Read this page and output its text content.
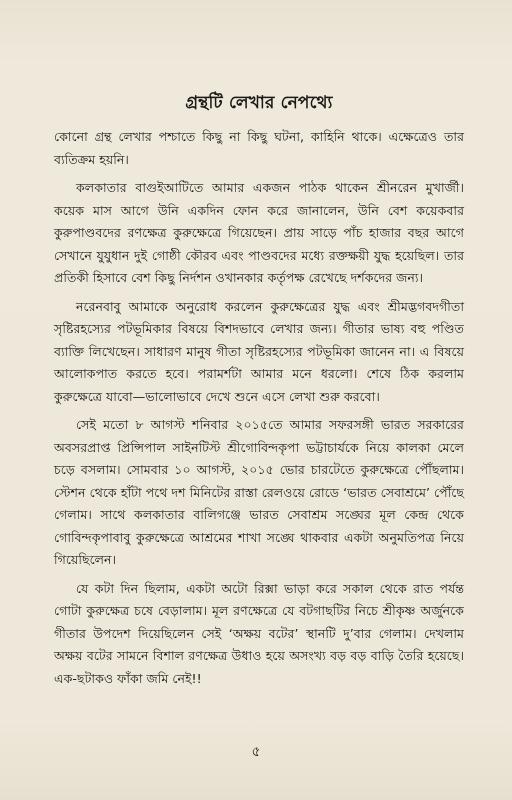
গ্রন্থটি লেখার নেপথ্যে

কোনো গ্রন্থ লেখার পশ্চাতে কিছু না কিছু ঘটনা, কাহিনি থাকে। এক্ষেত্রেও তার ব্যতিক্রম হয়নি।

কলকাতার বাগুইআটিতে আমার একজন পাঠক থাকেন শ্রীনরেন মুখার্জী। কয়েক মাস আগে উনি একদিন ফোন করে জানালেন, উনি বেশ কয়েকবার কুরুপাণ্ডবদের রণক্ষেত্র কুরুক্ষেত্রে গিয়েছেন। প্রায় সাড়ে পাঁচ হাজার বছর আগে সেখানে যুযুধান দুই গোষ্ঠী কৌরব এবং পাণ্ডবদের মধ্যে রক্তক্ষয়ী যুদ্ধ হয়েছিল। তার প্রতিকী হিসাবে বেশ কিছু নির্দশন ওখানকার কর্তৃপক্ষ রেখেছে দর্শকদের জন্য।

নরেনবাবু আমাকে অনুরোধ করলেন কুরুক্ষেত্রের যুদ্ধ এবং শ্রীমদ্ভগবদগীতা সৃষ্টিরহস্যের পটভূমিকার বিষয়ে বিশদভাবে লেখার জন্য। গীতার ভাষ্য বহু পণ্ডিত ব্যাক্তি লিখেছেন। সাধারণ মানুষ গীতা সৃষ্টিরহস্যের পটভূমিকা জানেন না। এ বিষয়ে আলোকপাত করতে হবে। পরামর্শটা আমার মনে ধরলো। শেষে ঠিক করলাম কুরুক্ষেত্রে যাবো—ভালোভাবে দেখে শুনে এসে লেখা শুরু করবো।

সেই মতো ৮ আগস্ট শনিবার ২০১৫তে আমার সফরসঙ্গী ভারত সরকারের অবসরপ্রাপ্ত প্রিন্সিপাল সাইনটিস্ট শ্রীগোবিন্দকৃপা ভট্টাচার্যকে নিয়ে কালকা মেলে চড়ে বসলাম। সোমবার ১০ আগস্ট, ২০১৫ ভোর চারটেতে কুরুক্ষেত্রে পৌঁছলাম। স্টেশন থেকে হাঁটা পথে দশ মিনিটের রাস্তা রেলওয়ে রোডে ‘ভারত সেবাশ্রমে’ পৌঁছে গেলাম। সাথে কলকাতার বালিগঞ্জে ভারত সেবাশ্রম সঙ্ঘের মূল কেন্দ্র থেকে গোবিন্দকৃপাবাবু কুরুক্ষেত্রে আশ্রমের শাখা সঙ্ঘে থাকবার একটা অনুমতিপত্র নিয়ে গিয়েছিলেন।

যে কটা দিন ছিলাম, একটা অটো রিক্সা ভাড়া করে সকাল থেকে রাত পর্যন্ত গোটা কুরুক্ষেত্র চষে বেড়ালাম। মূল রণক্ষেত্রে যে বটগাছটির নিচে শ্রীকৃষ্ণ অর্জুনকে গীতার উপদেশ দিয়েছিলেন সেই ‘অক্ষয় বটের’ স্থানটি দু’বার গেলাম। দেখলাম অক্ষয় বটের সামনে বিশাল রণক্ষেত্র উধাও হয়ে অসংখ্য বড় বড় বাড়ি তৈরি হয়েছে। এক-ছটাকও ফাঁকা জমি নেই!!

৫
